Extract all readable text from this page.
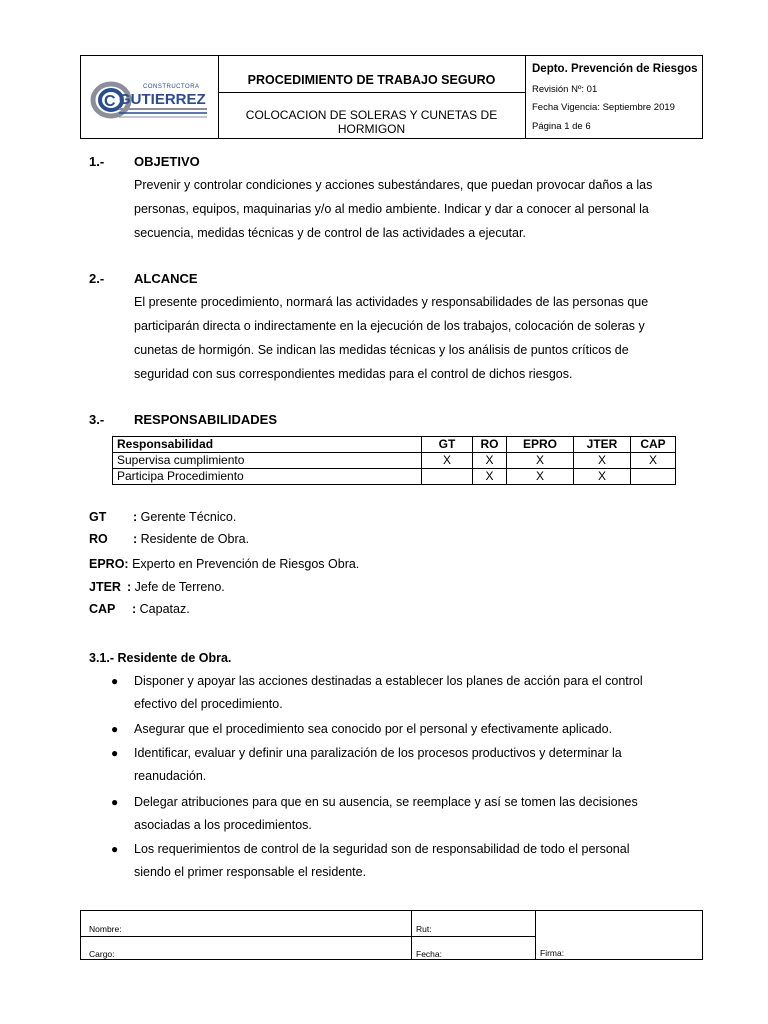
C
CONSTRUCTORA
GUTIERREZ
PROCEDIMIENTO DE TRABAJO SEGURO
COLOCACION DE SOLERAS Y CUNETAS DE
HORMIGON
Depto. Prevención de Riesgos
Revisión Nº: 01
Fecha Vigencia: Septiembre 2019
Página 1 de 6
1.- OBJETIVO
Prevenir y controlar condiciones y acciones subestándares, que puedan provocar daños a las
personas, equipos, maquinarias y/o al medio ambiente. Indicar y dar a conocer al personal la
secuencia, medidas técnicas y de control de las actividades a ejecutar.
2.- ALCANCE
El presente procedimiento, normará las actividades y responsabilidades de las personas que
participarán directa o indirectamente en la ejecución de los trabajos, colocación de soleras y
cunetas de hormigón. Se indican las medidas técnicas y los análisis de puntos críticos de
seguridad con sus correspondientes medidas para el control de dichos riesgos.
3.- RESPONSABILIDADES
Responsabilidad	GT	RO	EPRO	JTER	CAP
Supervisa cumplimiento	X	X	X	X	X
Participa Procedimiento		X	X	X	
GT : Gerente Técnico.
RO : Residente de Obra.
EPRO: Experto en Prevención de Riesgos Obra.
JTER : Jefe de Terreno.
CAP : Capataz.
3.1.- Residente de Obra.
● Disponer y apoyar las acciones destinadas a establecer los planes de acción para el control
efectivo del procedimiento.
● Asegurar que el procedimiento sea conocido por el personal y efectivamente aplicado.
● Identificar, evaluar y definir una paralización de los procesos productivos y determinar la
reanudación.
● Delegar atribuciones para que en su ausencia, se reemplace y así se tomen las decisiones
asociadas a los procedimientos.
● Los requerimientos de control de la seguridad son de responsabilidad de todo el personal
siendo el primer responsable el residente.
Nombre:
Cargo:
Rut:
Fecha:	Firma:
